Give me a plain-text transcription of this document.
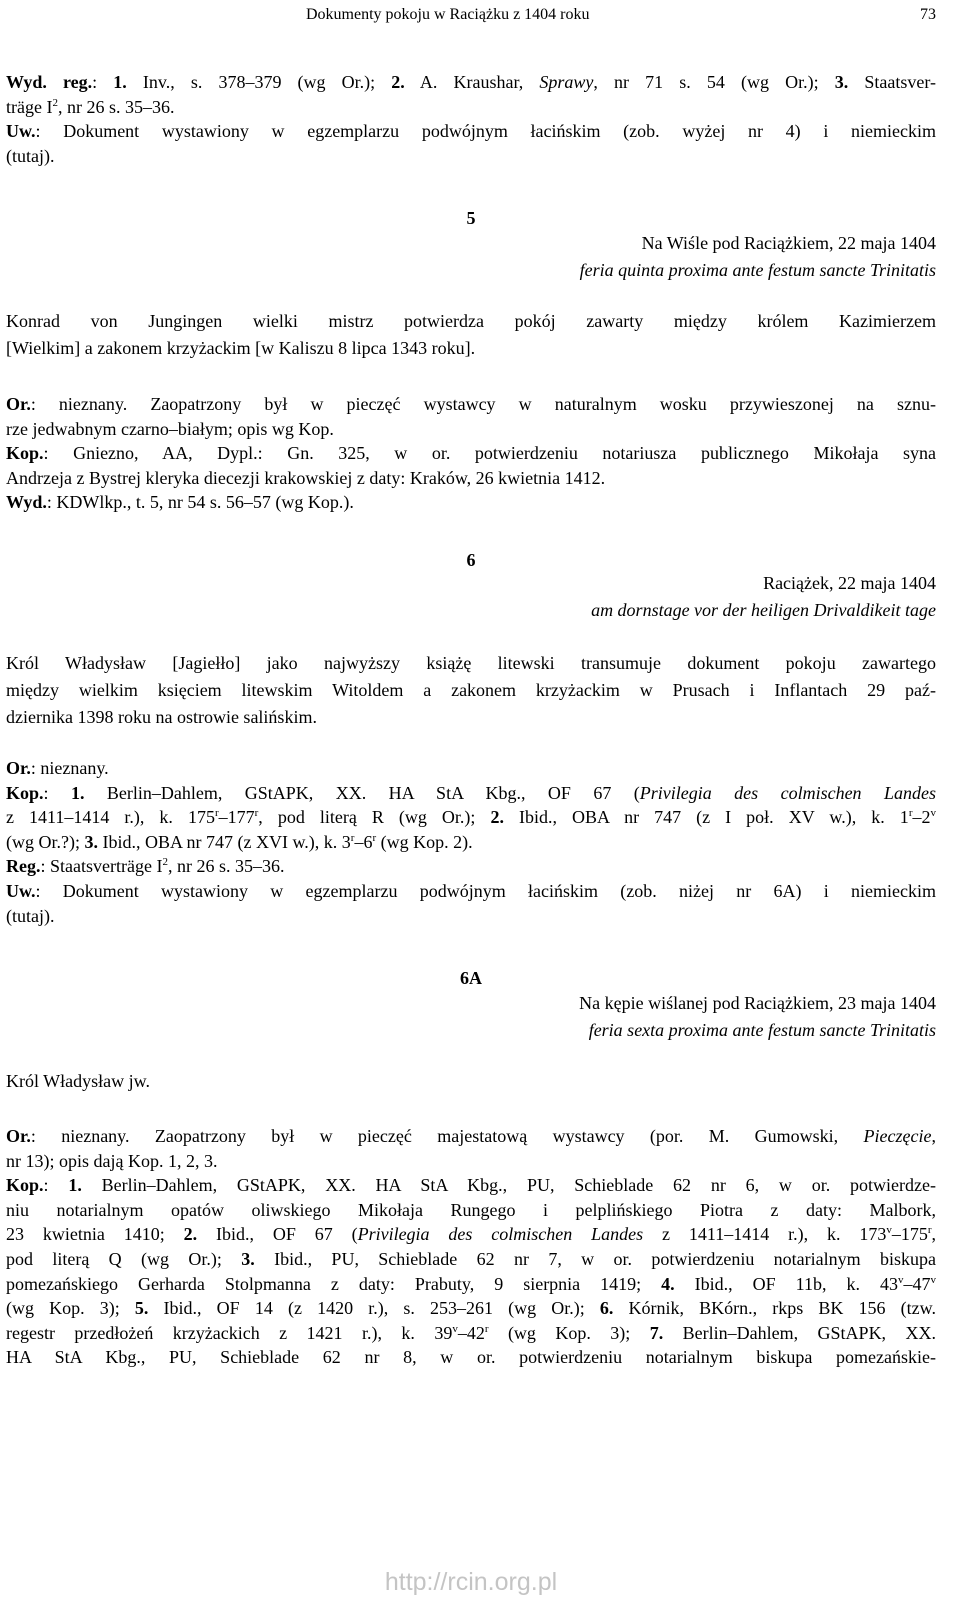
Dokumenty pokoju w Raciążku z 1404 roku	73

Wyd. reg.: 1. Inv., s. 378–379 (wg Or.); 2. A. Kraushar, Sprawy, nr 71 s. 54 (wg Or.); 3. Staatsver-

träge $I^2$, nr 26 s. 35–36.

Uw.: Dokument wystawiony w egzemplarzu podwójnym łacińskim (zob. wyżej nr 4) i niemieckim

(tutaj).

5
Na Wiśle pod Raciążkiem, 22 maja 1404
feria quinta proxima ante festum sancte Trinitatis

Konrad von Jungingen wielki mistrz potwierdza pokój zawarty między królem Kazimierzem

[Wielkim] a zakonem krzyżackim [w Kaliszu 8 lipca 1343 roku].

Or.: nieznany. Zaopatrzony był w pieczęć wystawcy w naturalnym wosku przywieszonej na sznu-

rze jedwabnym czarno–białym; opis wg Kop.

Kop.: Gniezno, AA, Dypl.: Gn. 325, w or. potwierdzeniu notariusza publicznego Mikołaja syna

Andrzeja z Bystrej kleryka diecezji krakowskiej z daty: Kraków, 26 kwietnia 1412.

Wyd.: KDWlkp., t. 5, nr 54 s. 56–57 (wg Kop.).

6
Raciążek, 22 maja 1404
am dornstage vor der heiligen Drivaldikeit tage

Król Władysław [Jagiełło] jako najwyższy książę litewski transumuje dokument pokoju zawartego

między wielkim księciem litewskim Witoldem a zakonem krzyżackim w Prusach i Inflantach 29 paź-

dziernika 1398 roku na ostrowie salińskim.

Or.: nieznany.

Kop.: 1. Berlin–Dahlem, GStAPK, XX. HA StA Kbg., OF 67 (Privilegia des colmischen Landes

z 1411–1414 r.), k. 175$^r$–177$^r$, pod literą R (wg Or.); 2. Ibid., OBA nr 747 (z I poł. XV w.), k. 1$^r$–2$^v$

(wg Or.?); 3. Ibid., OBA nr 747 (z XVI w.), k. 3$^r$–6$^r$ (wg Kop. 2).

Reg.: Staatsverträge $I^2$, nr 26 s. 35–36.

Uw.: Dokument wystawiony w egzemplarzu podwójnym łacińskim (zob. niżej nr 6A) i niemieckim

(tutaj).

6A
Na kępie wiślanej pod Raciążkiem, 23 maja 1404
feria sexta proxima ante festum sancte Trinitatis

Król Władysław jw.

Or.: nieznany. Zaopatrzony był w pieczęć majestatową wystawcy (por. M. Gumowski, Pieczęcie,

nr 13); opis dają Kop. 1, 2, 3.

Kop.: 1. Berlin–Dahlem, GStAPK, XX. HA StA Kbg., PU, Schieblade 62 nr 6, w or. potwierdze-

niu notarialnym opatów oliwskiego Mikołaja Rungego i pelplińskiego Piotra z daty: Malbork,

23 kwietnia 1410; 2. Ibid., OF 67 (Privilegia des colmischen Landes z 1411–1414 r.), k. 173$^v$–175$^r$,

pod literą Q (wg Or.); 3. Ibid., PU, Schieblade 62 nr 7, w or. potwierdzeniu notarialnym biskupa

pomezańskiego Gerharda Stolpmanna z daty: Prabuty, 9 sierpnia 1419; 4. Ibid., OF 11b, k. 43$^v$–47$^v$

(wg Kop. 3); 5. Ibid., OF 14 (z 1420 r.), s. 253–261 (wg Or.); 6. Kórnik, BKórn., rkps BK 156 (tzw.

regestr przedłożeń krzyżackich z 1421 r.), k. 39$^v$–42$^r$ (wg Kop. 3); 7. Berlin–Dahlem, GStAPK, XX.

HA StA Kbg., PU, Schieblade 62 nr 8, w or. potwierdzeniu notarialnym biskupa pomezańskie-

http://rcin.org.pl
